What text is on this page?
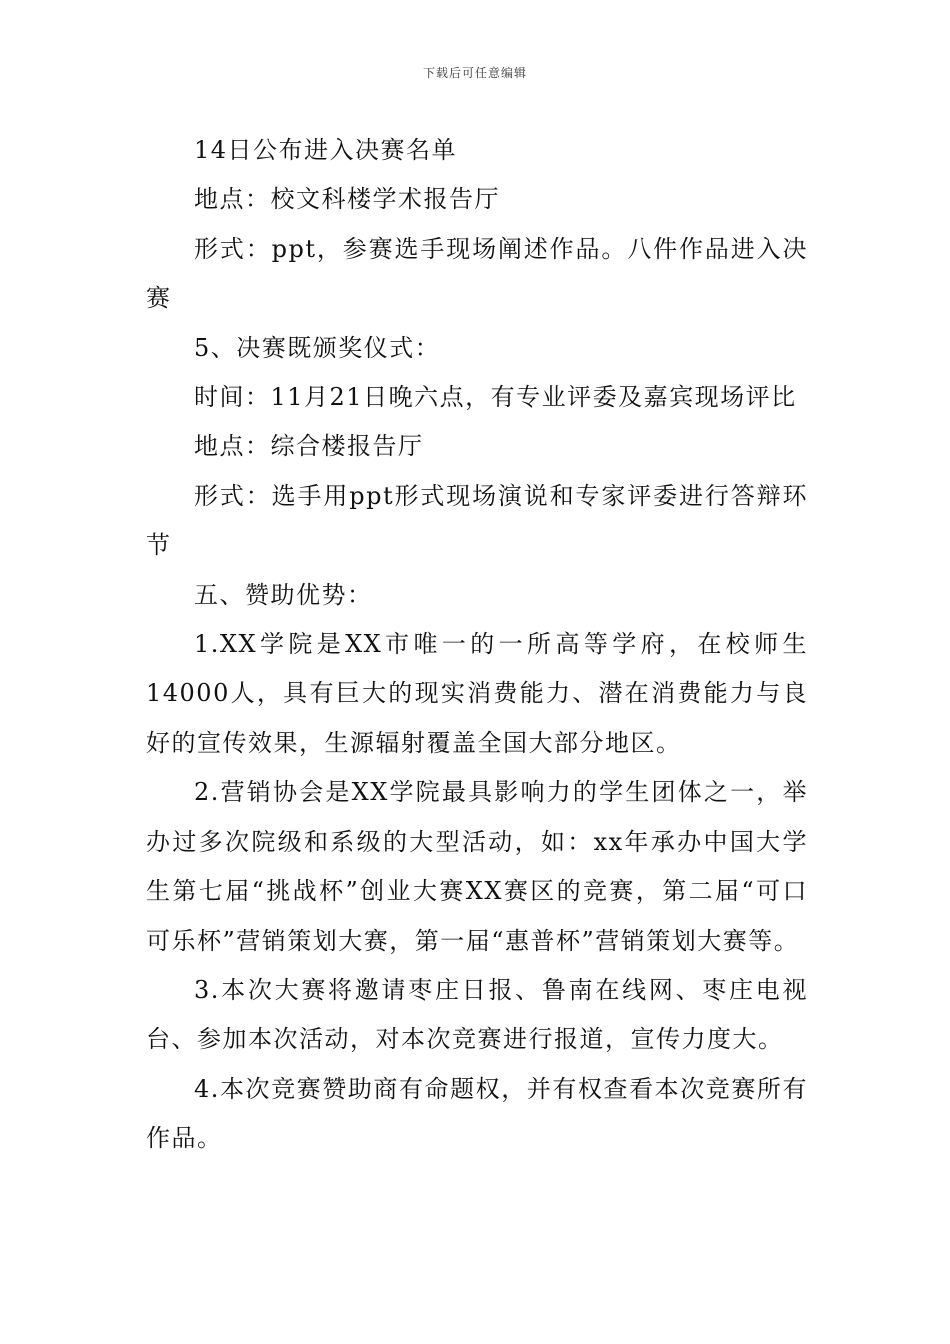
下载后可任意编辑

14日公布进入决赛名单

地点：校文科楼学术报告厅

形式：ppt，参赛选手现场阐述作品。八件作品进入决赛

5、决赛既颁奖仪式：

时间：11月21日晚六点，有专业评委及嘉宾现场评比

地点：综合楼报告厅

形式：选手用ppt形式现场演说和专家评委进行答辩环节

五、赞助优势：

1.XX学院是XX市唯一的一所高等学府，在校师生14000人，具有巨大的现实消费能力、潜在消费能力与良好的宣传效果，生源辐射覆盖全国大部分地区。

2.营销协会是XX学院最具影响力的学生团体之一，举办过多次院级和系级的大型活动，如：xx年承办中国大学生第七届“挑战杯”创业大赛XX赛区的竞赛，第二届“可口可乐杯”营销策划大赛，第一届“惠普杯”营销策划大赛等。

3.本次大赛将邀请枣庄日报、鲁南在线网、枣庄电视台、参加本次活动，对本次竞赛进行报道，宣传力度大。

4.本次竞赛赞助商有命题权，并有权查看本次竞赛所有作品。
